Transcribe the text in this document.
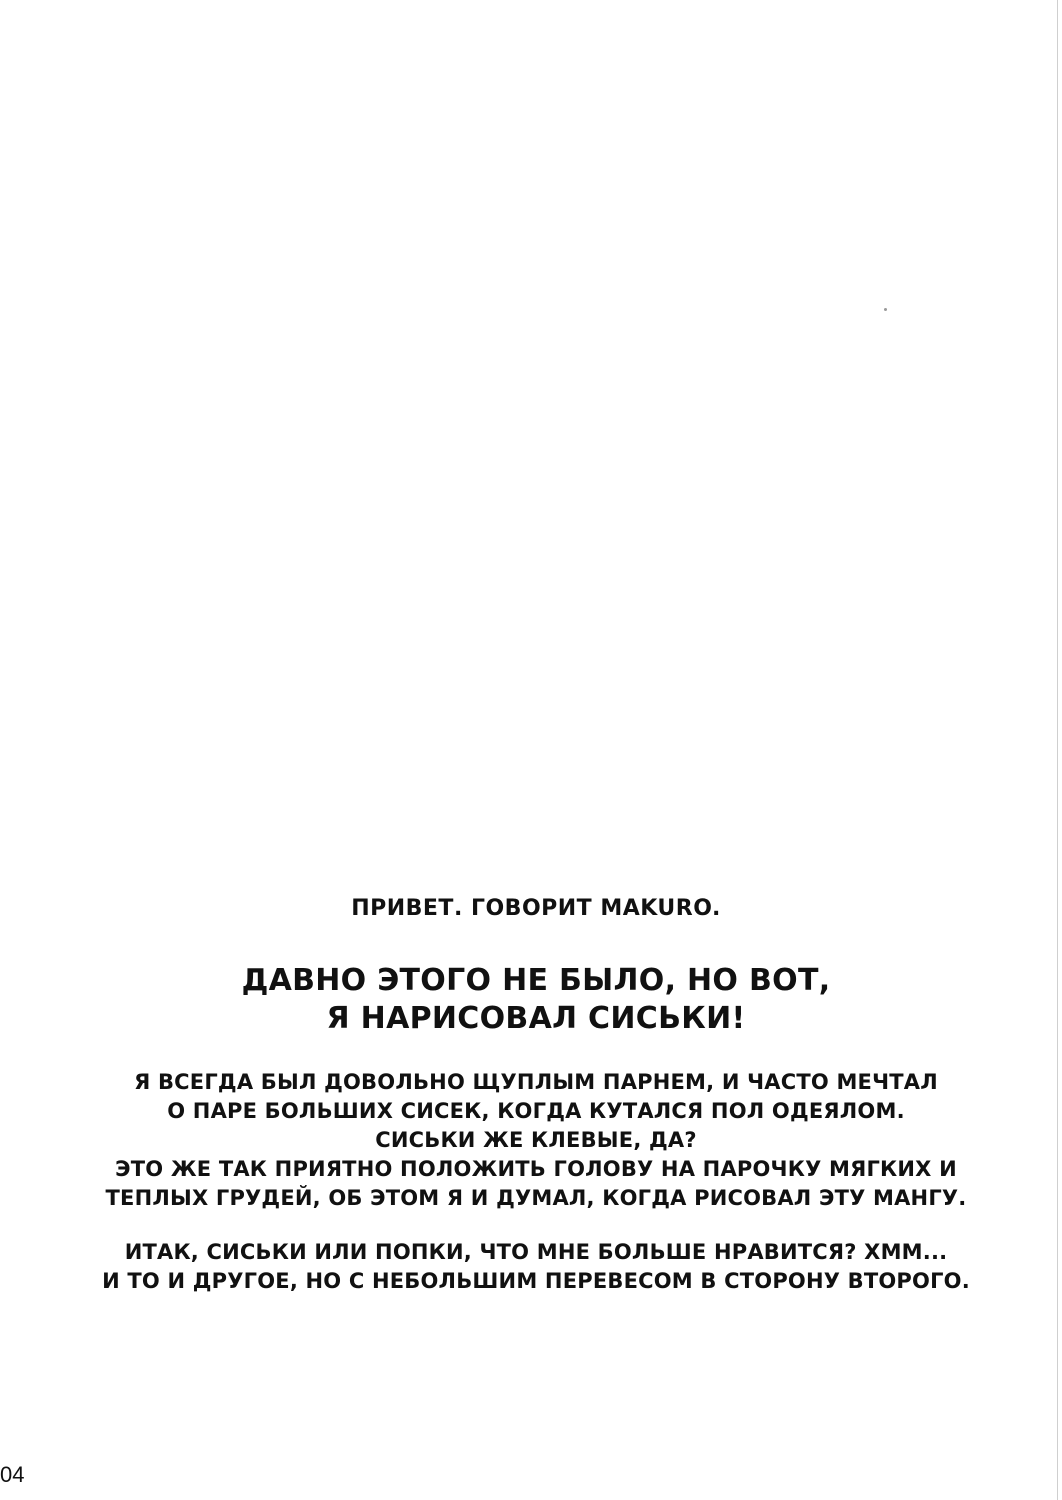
ПРИВЕТ. ГОВОРИТ MAKURO.
ДАВНО ЭТОГО НЕ БЫЛО, НО ВОТ,
Я НАРИСОВАЛ СИСЬКИ!
Я ВСЕГДА БЫЛ ДОВОЛЬНО ЩУПЛЫМ ПАРНЕМ, И ЧАСТО МЕЧТАЛ
О ПАРЕ БОЛЬШИХ СИСЕК, КОГДА КУТАЛСЯ ПОЛ ОДЕЯЛОМ.
СИСЬКИ ЖЕ КЛЕВЫЕ, ДА?
ЭТО ЖЕ ТАК ПРИЯТНО ПОЛОЖИТЬ ГОЛОВУ НА ПАРОЧКУ МЯГКИХ И
ТЕПЛЫХ ГРУДЕЙ, ОБ ЭТОМ Я И ДУМАЛ, КОГДА РИСОВАЛ ЭТУ МАНГУ.
ИТАК, СИСЬКИ ИЛИ ПОПКИ, ЧТО МНЕ БОЛЬШЕ НРАВИТСЯ? ХММ...
И ТО И ДРУГОЕ, НО С НЕБОЛЬШИМ ПЕРЕВЕСОМ В СТОРОНУ ВТОРОГО.
04
